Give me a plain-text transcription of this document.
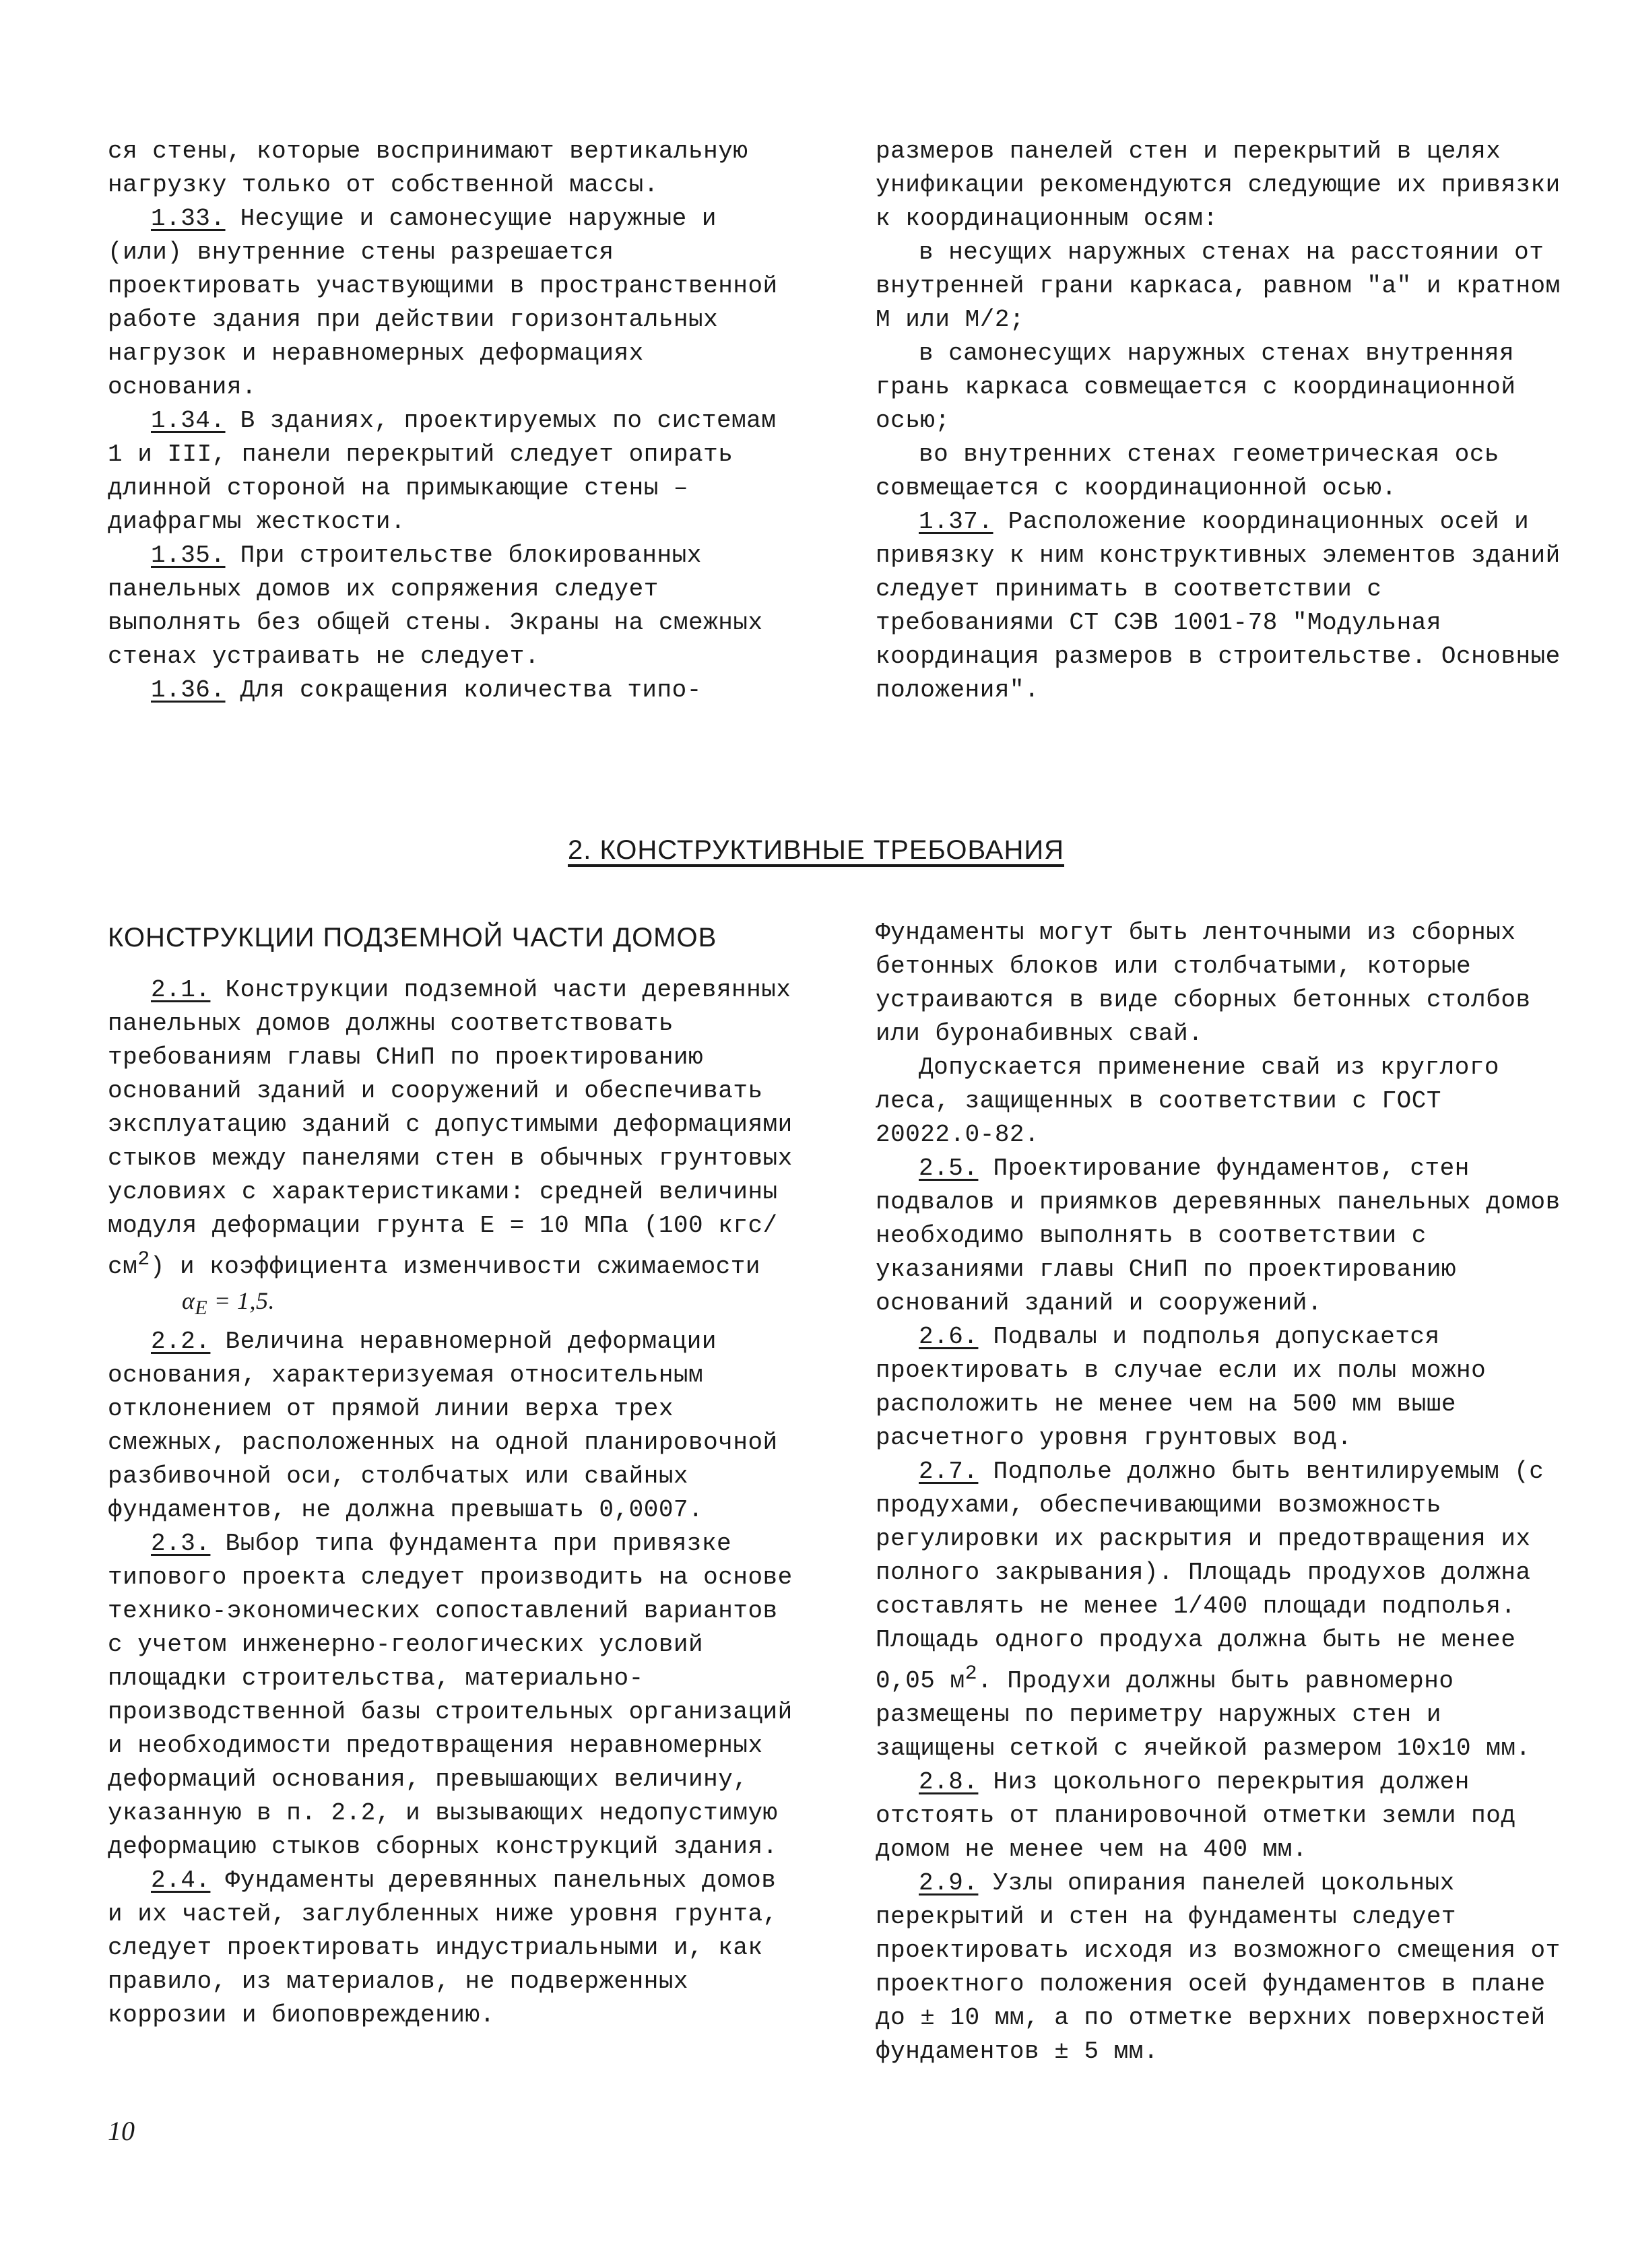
ся стены, которые воспринимают вертикальную нагрузку только от собственной массы.

1.33. Несущие и самонесущие наружные и (или) внутренние стены разрешается проектировать участвующими в пространственной работе здания при действии горизонтальных нагрузок и неравномерных деформациях основания.

1.34. В зданиях, проектируемых по системам 1 и III, панели перекрытий следует опирать длинной стороной на примыкающие стены – диафрагмы жесткости.

1.35. При строительстве блокированных панельных домов их сопряжения следует выполнять без общей стены. Экраны на смежных стенах устраивать не следует.

1.36. Для сокращения количества типо-

размеров панелей стен и перекрытий в целях унификации рекомендуются следующие их привязки к координационным осям:

в несущих наружных стенах на расстоянии от внутренней грани каркаса, равном "а" и кратном М или М/2;

в самонесущих наружных стенах внутренняя грань каркаса совмещается с координационной осью;

во внутренних стенах геометрическая ось совмещается с координационной осью.

1.37. Расположение координационных осей и привязку к ним конструктивных элементов зданий следует принимать в соответствии с требованиями СТ СЭВ 1001-78 "Модульная координация размеров в строительстве. Основные положения".

2. КОНСТРУКТИВНЫЕ ТРЕБОВАНИЯ
КОНСТРУКЦИИ ПОДЗЕМНОЙ ЧАСТИ ДОМОВ

2.1. Конструкции подземной части деревянных панельных домов должны соответствовать требованиям главы СНиП по проектированию оснований зданий и сооружений и обеспечивать эксплуатацию зданий с допустимыми деформациями стыков между панелями стен в обычных грунтовых условиях с характеристиками: средней величины модуля деформации грунта Е = 10 МПа (100 кгс/$см^2$) и коэффициента изменчивости сжимаемости

$\alpha_E = 1,5$.

2.2. Величина неравномерной деформации основания, характеризуемая относительным отклонением от прямой линии верха трех смежных, расположенных на одной планировочной разбивочной оси, столбчатых или свайных фундаментов, не должна превышать 0,0007.

2.3. Выбор типа фундамента при привязке типового проекта следует производить на основе технико-экономических сопоставлений вариантов с учетом инженерно-геологических условий площадки строительства, материально-производственной базы строительных организаций и необходимости предотвращения неравномерных деформаций основания, превышающих величину, указанную в п. 2.2, и вызывающих недопустимую деформацию стыков сборных конструкций здания.

2.4. Фундаменты деревянных панельных домов и их частей, заглубленных ниже уровня грунта, следует проектировать индустриальными и, как правило, из материалов, не подверженных коррозии и биоповреждению.

Фундаменты могут быть ленточными из сборных бетонных блоков или столбчатыми, которые устраиваются в виде сборных бетонных столбов или буронабивных свай.

Допускается применение свай из круглого леса, защищенных в соответствии с ГОСТ 20022.0-82.

2.5. Проектирование фундаментов, стен подвалов и приямков деревянных панельных домов необходимо выполнять в соответствии с указаниями главы СНиП по проектированию оснований зданий и сооружений.

2.6. Подвалы и подполья допускается проектировать в случае если их полы можно расположить не менее чем на 500 мм выше расчетного уровня грунтовых вод.

2.7. Подполье должно быть вентилируемым (с продухами, обеспечивающими возможность регулировки их раскрытия и предотвращения их полного закрывания). Площадь продухов должна составлять не менее 1/400 площади подполья. Площадь одного продуха должна быть не менее 0,05 $м^2$. Продухи должны быть равномерно размещены по периметру наружных стен и защищены сеткой с ячейкой размером 10х10 мм.

2.8. Низ цокольного перекрытия должен отстоять от планировочной отметки земли под домом не менее чем на 400 мм.

2.9. Узлы опирания панелей цокольных перекрытий и стен на фундаменты следует проектировать исходя из возможного смещения от проектного положения осей фундаментов в плане до ± 10 мм, а по отметке верхних поверхностей фундаментов ± 5 мм.

10
